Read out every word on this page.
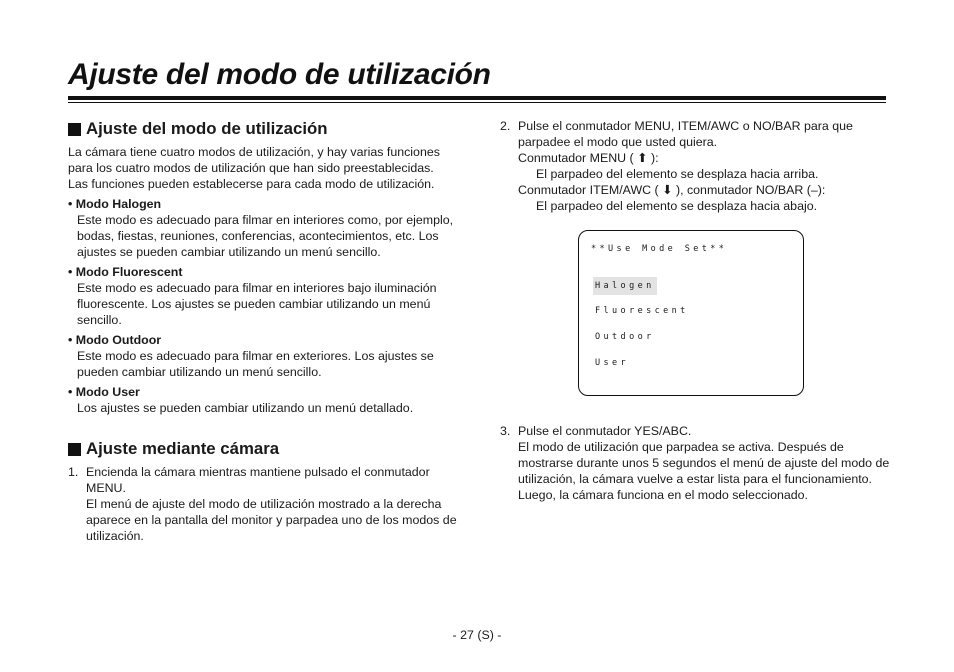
Ajuste del modo de utilización
Ajuste del modo de utilización

La cámara tiene cuatro modos de utilización, y hay varias funciones para los cuatro modos de utilización que han sido preestablecidas.

Las funciones pueden establecerse para cada modo de utilización.

• Modo Halogen
Este modo es adecuado para filmar en interiores como, por ejemplo, bodas, fiestas, reuniones, conferencias, acontecimientos, etc. Los ajustes se pueden cambiar utilizando un menú sencillo.
• Modo Fluorescent
Este modo es adecuado para filmar en interiores bajo iluminación fluorescente. Los ajustes se pueden cambiar utilizando un menú sencillo.
• Modo Outdoor
Este modo es adecuado para filmar en exteriores. Los ajustes se pueden cambiar utilizando un menú sencillo.
• Modo User
Los ajustes se pueden cambiar utilizando un menú detallado.
Ajuste mediante cámara
1. Encienda la cámara mientras mantiene pulsado el conmutador MENU.

El menú de ajuste del modo de utilización mostrado a la derecha aparece en la pantalla del monitor y parpadea uno de los modos de utilización.

2. Pulse el conmutador MENU, ITEM/AWC o NO/BAR para que parpadee el modo que usted quiera.

Conmutador MENU ( ⬆ ):

El parpadeo del elemento se desplaza hacia arriba.

Conmutador ITEM/AWC ( ⬇ ), conmutador NO/BAR (–):

El parpadeo del elemento se desplaza hacia abajo.

**Use Mode Set**
Halogen
Fluorescent
Outdoor
User
3. Pulse el conmutador YES/ABC.

El modo de utilización que parpadea se activa. Después de mostrarse durante unos 5 segundos el menú de ajuste del modo de utilización, la cámara vuelve a estar lista para el funcionamiento.

Luego, la cámara funciona en el modo seleccionado.

- 27 (S) -
